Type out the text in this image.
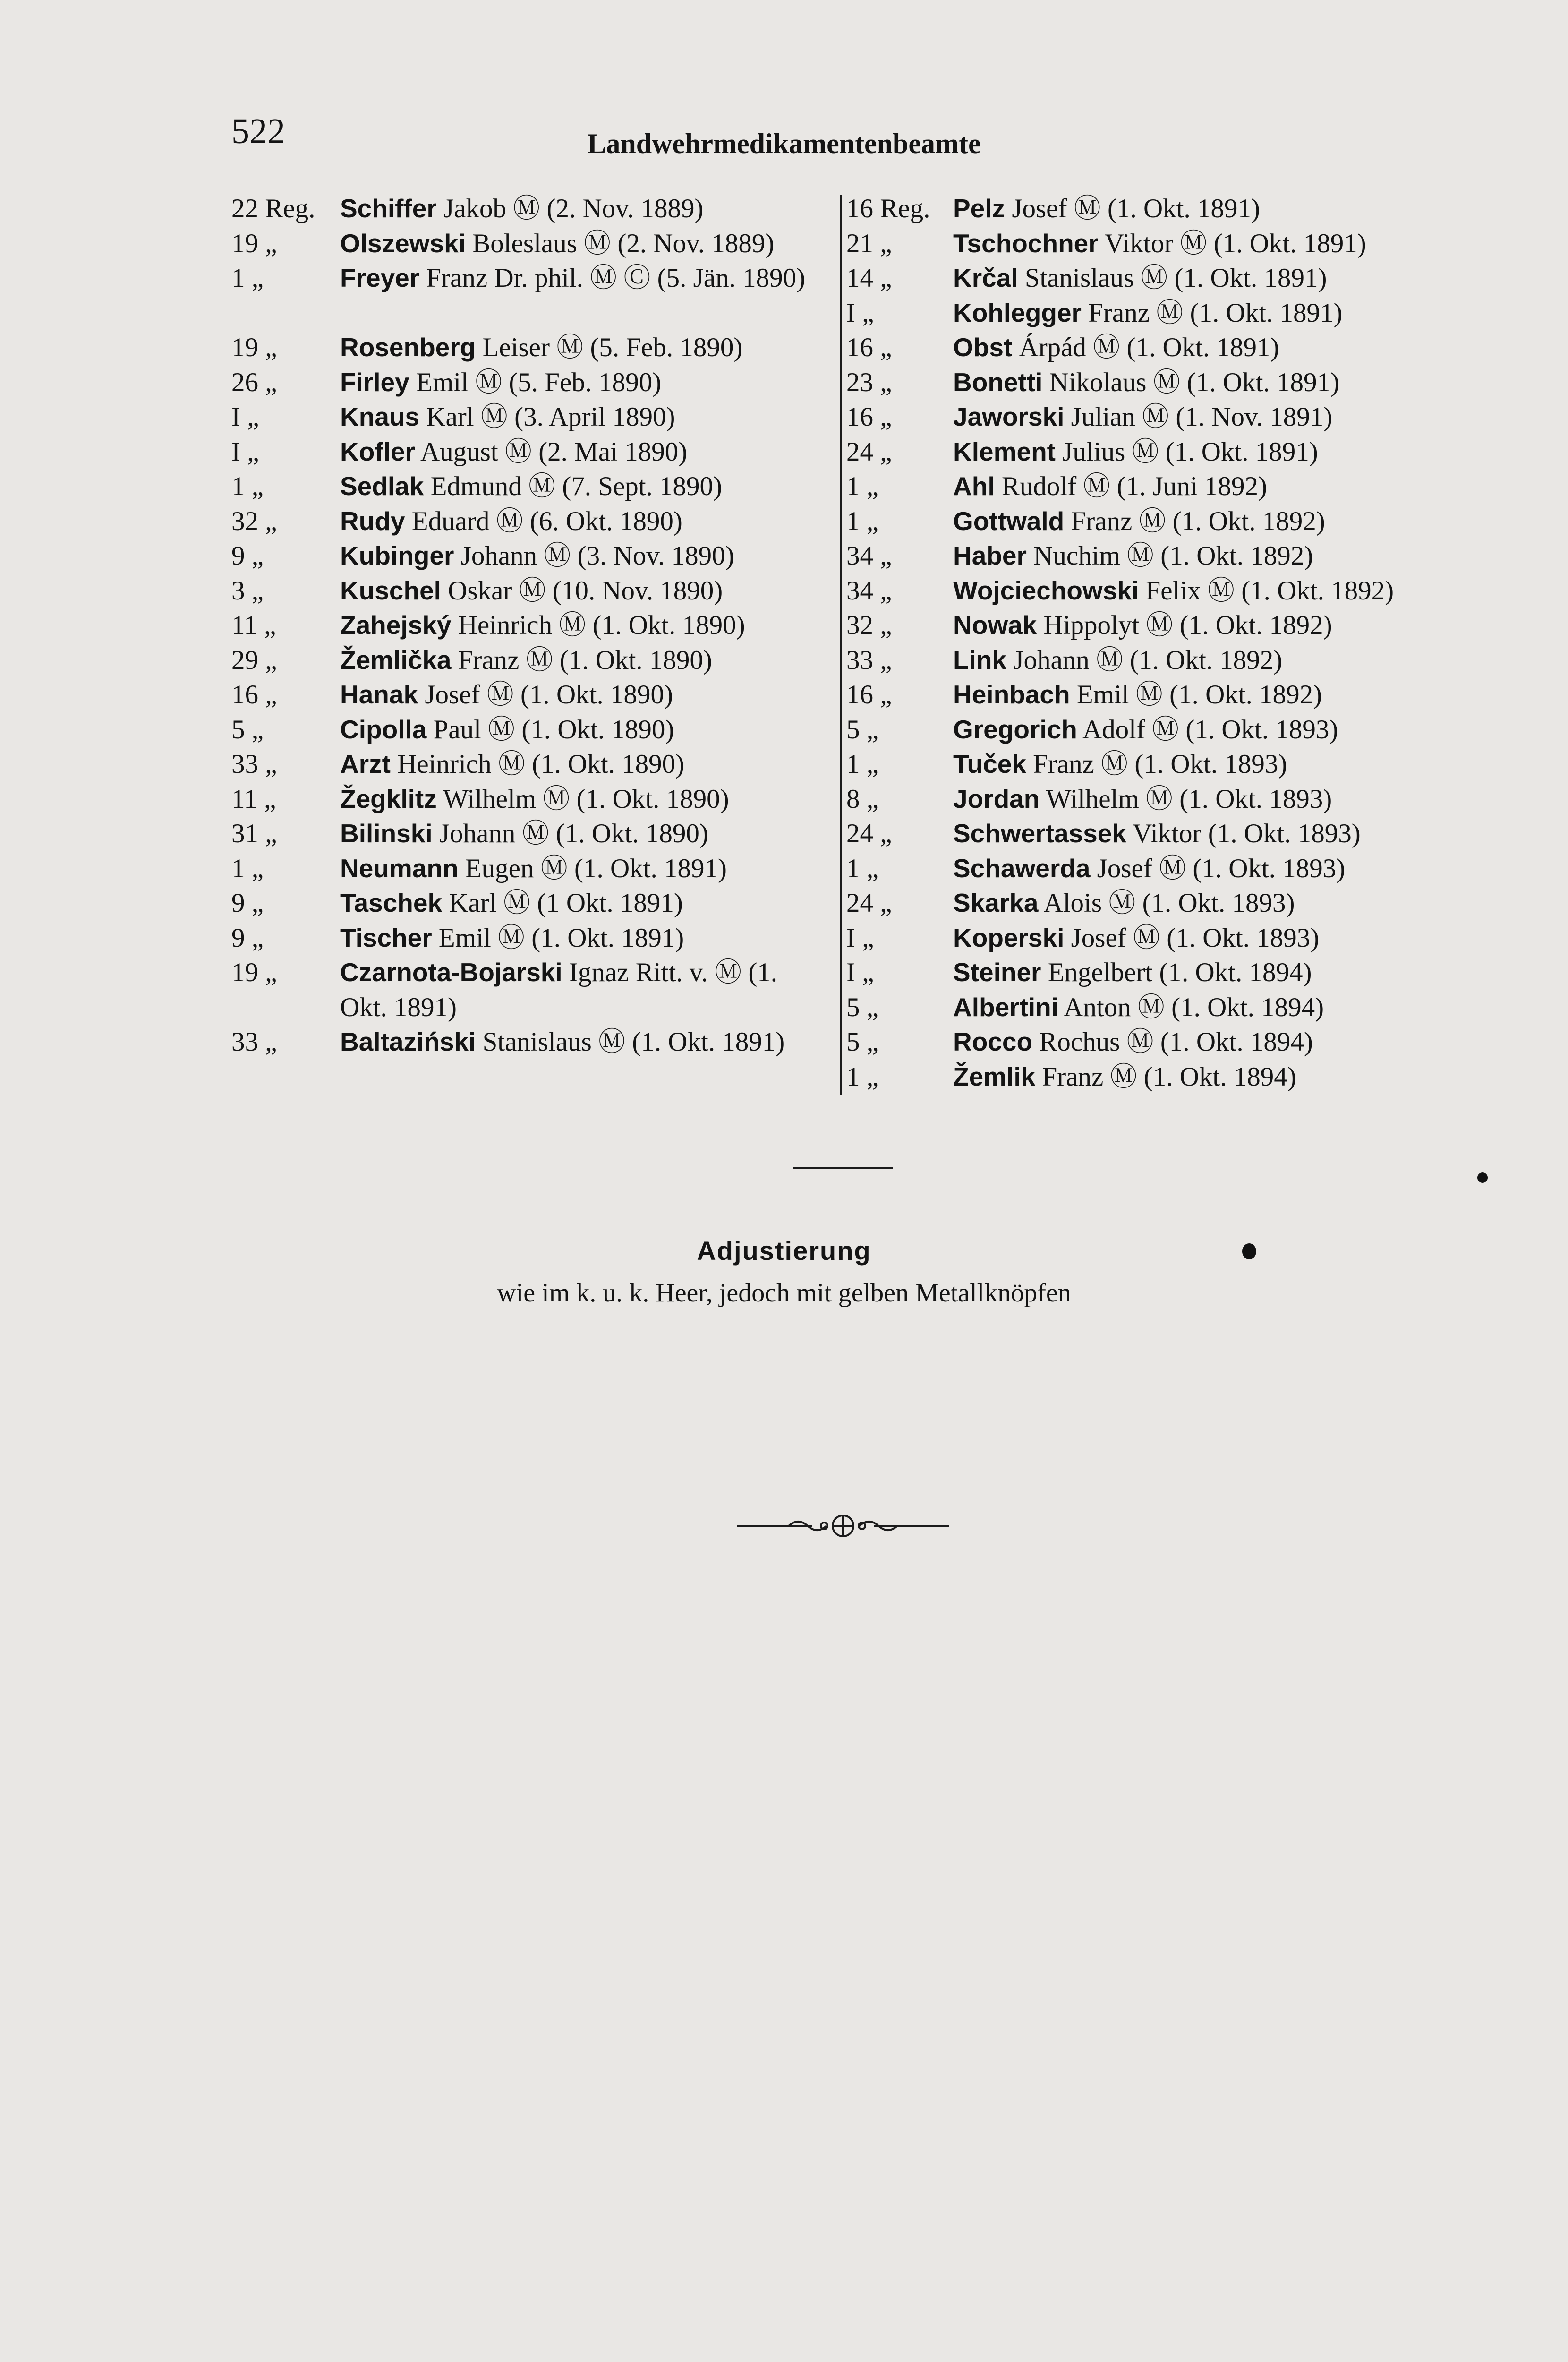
522	Landwehrmedikamentenbeamte
22 Reg. Schiffer Jakob Ⓜ (2. Nov. 1889)
19 „	Olszewski Boleslaus Ⓜ (2. Nov. 1889)
1 „	Freyer Franz Dr. phil. Ⓜ Ⓒ (5. Jän. 1890)
19 „	Rosenberg Leiser Ⓜ (5. Feb. 1890)
26 „	Firley Emil Ⓜ (5. Feb. 1890)
I „	Knaus Karl Ⓜ (3. April 1890)
I „	Kofler August Ⓜ (2. Mai 1890)
1 „	Sedlak Edmund Ⓜ (7. Sept. 1890)
32 „	Rudy Eduard Ⓜ (6. Okt. 1890)
9 „	Kubinger Johann Ⓜ (3. Nov. 1890)
3 „	Kuschel Oskar Ⓜ (10. Nov. 1890)
11 „	Zahejský Heinrich Ⓜ (1. Okt. 1890)
29 „	Žemlička Franz Ⓜ (1. Okt. 1890)
16 „	Hanak Josef Ⓜ (1. Okt. 1890)
5 „	Cipolla Paul Ⓜ (1. Okt. 1890)
33 „	Arzt Heinrich Ⓜ (1. Okt. 1890)
11 „	Žegklitz Wilhelm Ⓜ (1. Okt. 1890)
31 „	Bilinski Johann Ⓜ (1. Okt. 1890)
1 „	Neumann Eugen Ⓜ (1. Okt. 1891)
9 „	Taschek Karl Ⓜ (1 Okt. 1891)
9 „	Tischer Emil Ⓜ (1. Okt. 1891)
19 „	Czarnota-Bojarski Ignaz Ritt. v. Ⓜ (1. Okt. 1891)
33 „	Baltaziński Stanislaus Ⓜ (1. Okt. 1891)
16 Reg. Pelz Josef Ⓜ (1. Okt. 1891)
21 „	Tschochner Viktor Ⓜ (1. Okt. 1891)
14 „	Krčal Stanislaus Ⓜ (1. Okt. 1891)
I „	Kohlegger Franz Ⓜ (1. Okt. 1891)
16 „	Obst Árpád Ⓜ (1. Okt. 1891)
23 „	Bonetti Nikolaus Ⓜ (1. Okt. 1891)
16 „	Jaworski Julian Ⓜ (1. Nov. 1891)
24 „	Klement Julius Ⓜ (1. Okt. 1891)
1 „	Ahl Rudolf Ⓜ (1. Juni 1892)
1 „	Gottwald Franz Ⓜ (1. Okt. 1892)
34 „	Haber Nuchim Ⓜ (1. Okt. 1892)
34 „	Wojciechowski Felix Ⓜ (1. Okt. 1892)
32 „	Nowak Hippolyt Ⓜ (1. Okt. 1892)
33 „	Link Johann Ⓜ (1. Okt. 1892)
16 „	Heinbach Emil Ⓜ (1. Okt. 1892)
5 „	Gregorich Adolf Ⓜ (1. Okt. 1893)
1 „	Tuček Franz Ⓜ (1. Okt. 1893)
8 „	Jordan Wilhelm Ⓜ (1. Okt. 1893)
24 „	Schwertassek Viktor (1. Okt. 1893)
1 „	Schawerda Josef Ⓜ (1. Okt. 1893)
24 „	Skarka Alois Ⓜ (1. Okt. 1893)
I „	Koperski Josef Ⓜ (1. Okt. 1893)
I „	Steiner Engelbert (1. Okt. 1894)
5 „	Albertini Anton Ⓜ (1. Okt. 1894)
5 „	Rocco Rochus Ⓜ (1. Okt. 1894)
1 „	Žemlik Franz Ⓜ (1. Okt. 1894)
Adjustierung
wie im k. u. k. Heer, jedoch mit gelben Metallknöpfen
